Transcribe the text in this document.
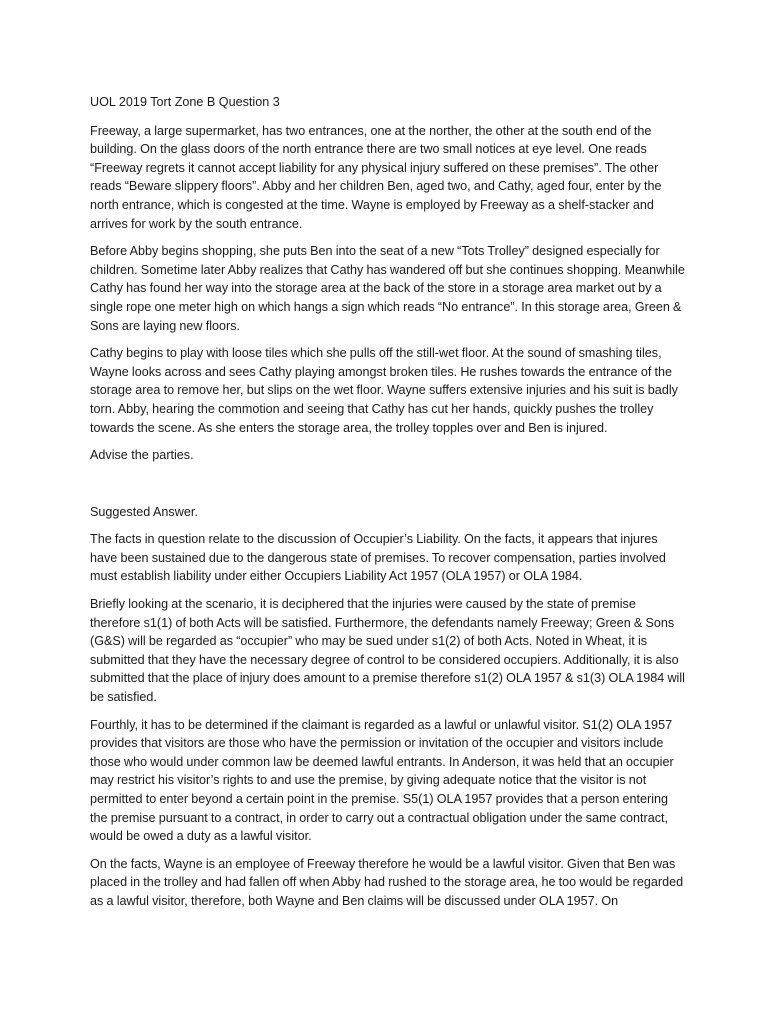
UOL 2019 Tort Zone B Question 3

Freeway, a large supermarket, has two entrances, one at the norther, the other at the south end of the building. On the glass doors of the north entrance there are two small notices at eye level. One reads “Freeway regrets it cannot accept liability for any physical injury suffered on these premises”. The other reads “Beware slippery floors”. Abby and her children Ben, aged two, and Cathy, aged four, enter by the north entrance, which is congested at the time. Wayne is employed by Freeway as a shelf-stacker and arrives for work by the south entrance.

Before Abby begins shopping, she puts Ben into the seat of a new “Tots Trolley” designed especially for children. Sometime later Abby realizes that Cathy has wandered off but she continues shopping. Meanwhile Cathy has found her way into the storage area at the back of the store in a storage area market out by a single rope one meter high on which hangs a sign which reads “No entrance”. In this storage area, Green & Sons are laying new floors.

Cathy begins to play with loose tiles which she pulls off the still-wet floor. At the sound of smashing tiles, Wayne looks across and sees Cathy playing amongst broken tiles. He rushes towards the entrance of the storage area to remove her, but slips on the wet floor. Wayne suffers extensive injuries and his suit is badly torn. Abby, hearing the commotion and seeing that Cathy has cut her hands, quickly pushes the trolley towards the scene. As she enters the storage area, the trolley topples over and Ben is injured.

Advise the parties.

Suggested Answer.

The facts in question relate to the discussion of Occupier’s Liability. On the facts, it appears that injures have been sustained due to the dangerous state of premises. To recover compensation, parties involved must establish liability under either Occupiers Liability Act 1957 (OLA 1957) or OLA 1984.

Briefly looking at the scenario, it is deciphered that the injuries were caused by the state of premise therefore s1(1) of both Acts will be satisfied. Furthermore, the defendants namely Freeway; Green & Sons (G&S) will be regarded as “occupier” who may be sued under s1(2) of both Acts. Noted in Wheat, it is submitted that they have the necessary degree of control to be considered occupiers. Additionally, it is also submitted that the place of injury does amount to a premise therefore s1(2) OLA 1957 & s1(3) OLA 1984 will be satisfied.

Fourthly, it has to be determined if the claimant is regarded as a lawful or unlawful visitor. S1(2) OLA 1957 provides that visitors are those who have the permission or invitation of the occupier and visitors include those who would under common law be deemed lawful entrants. In Anderson, it was held that an occupier may restrict his visitor’s rights to and use the premise, by giving adequate notice that the visitor is not permitted to enter beyond a certain point in the premise. S5(1) OLA 1957 provides that a person entering the premise pursuant to a contract, in order to carry out a contractual obligation under the same contract, would be owed a duty as a lawful visitor.

On the facts, Wayne is an employee of Freeway therefore he would be a lawful visitor. Given that Ben was placed in the trolley and had fallen off when Abby had rushed to the storage area, he too would be regarded as a lawful visitor, therefore, both Wayne and Ben claims will be discussed under OLA 1957. On
